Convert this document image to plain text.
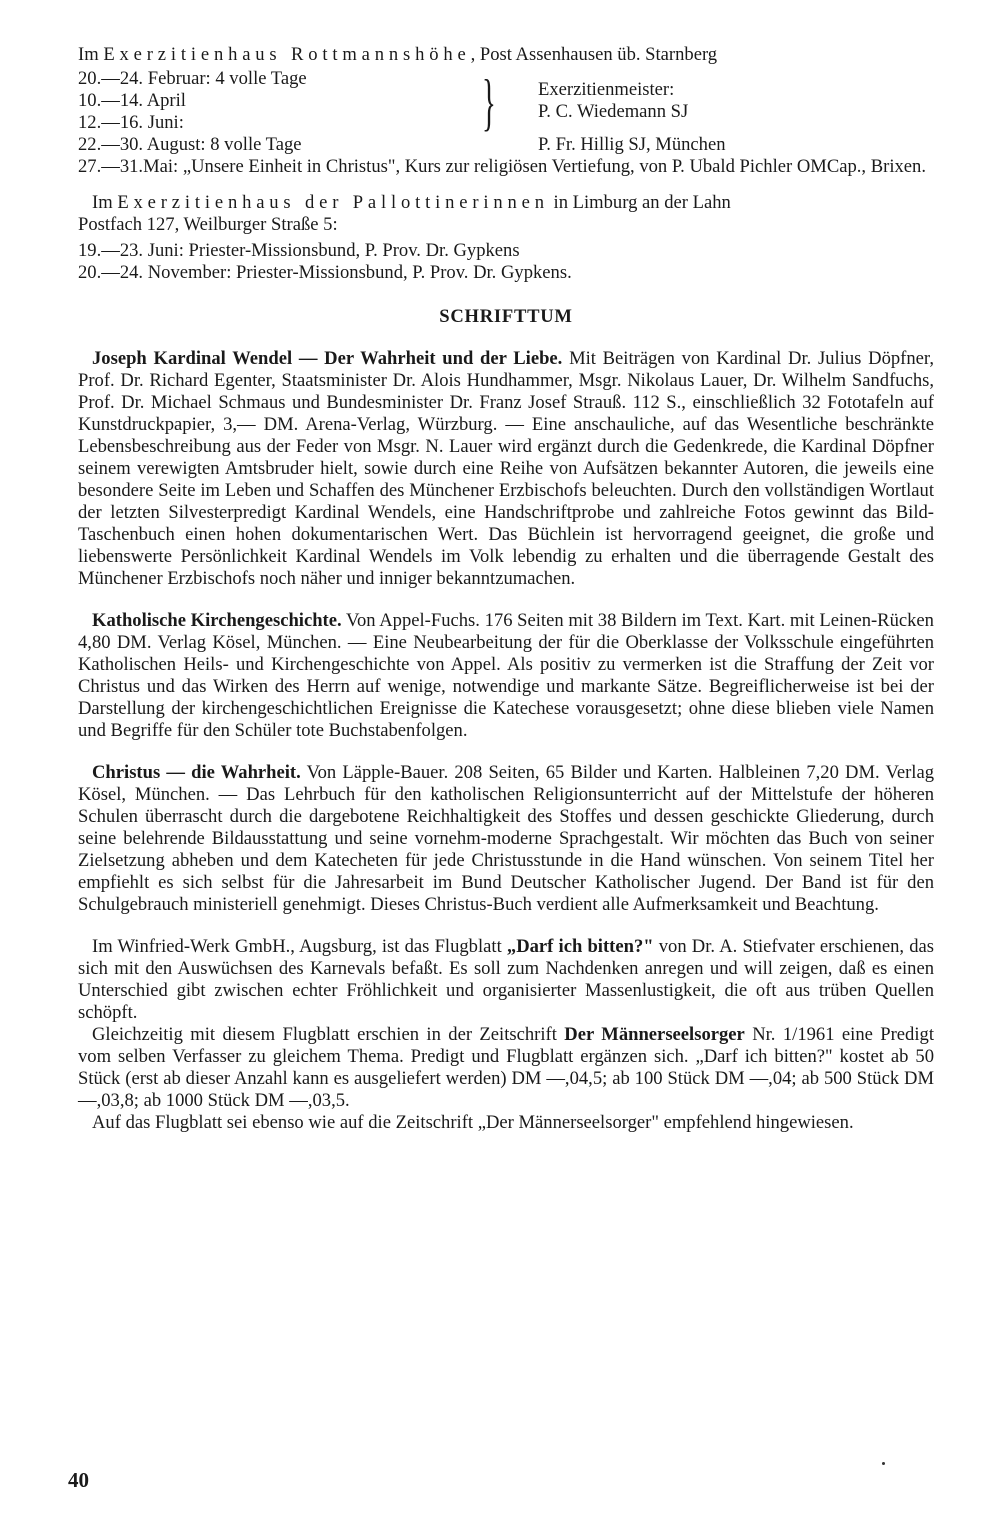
Im Exerzitienhaus Rottmannshöhe, Post Assenhausen üb. Starnberg

20.—24. Februar: 4 volle Tage
10.—14. April
12.—16. Juni:
22.—30. August: 8 volle Tage
} Exerzitienmeister:
P. C. Wiedemann SJ
P. Fr. Hillig SJ, München

27.—31.Mai: „Unsere Einheit in Christus", Kurs zur religiösen Vertiefung, von P. Ubald Pichler OMCap., Brixen.

Im Exerzitienhaus der Pallottinerinnen in Limburg an der Lahn

Postfach 127, Weilburger Straße 5:

19.—23. Juni: Priester-Missionsbund, P. Prov. Dr. Gypkens

20.—24. November: Priester-Missionsbund, P. Prov. Dr. Gypkens.

SCHRIFTTUM

Joseph Kardinal Wendel — Der Wahrheit und der Liebe. Mit Beiträgen von Kardinal Dr. Julius Döpfner, Prof. Dr. Richard Egenter, Staatsminister Dr. Alois Hundhammer, Msgr. Nikolaus Lauer, Dr. Wilhelm Sandfuchs, Prof. Dr. Michael Schmaus und Bundesminister Dr. Franz Josef Strauß. 112 S., einschließlich 32 Fototafeln auf Kunstdruckpapier, 3,— DM. Arena-Verlag, Würzburg. — Eine anschauliche, auf das Wesentliche beschränkte Lebensbeschreibung aus der Feder von Msgr. N. Lauer wird ergänzt durch die Gedenkrede, die Kardinal Döpfner seinem verewigten Amtsbruder hielt, sowie durch eine Reihe von Aufsätzen bekannter Autoren, die jeweils eine besondere Seite im Leben und Schaffen des Münchener Erzbischofs beleuchten. Durch den vollständigen Wortlaut der letzten Silvesterpredigt Kardinal Wendels, eine Handschriftprobe und zahlreiche Fotos gewinnt das Bild-Taschenbuch einen hohen dokumentarischen Wert. Das Büchlein ist hervorragend geeignet, die große und liebenswerte Persönlichkeit Kardinal Wendels im Volk lebendig zu erhalten und die überragende Gestalt des Münchener Erzbischofs noch näher und inniger bekanntzumachen.

Katholische Kirchengeschichte. Von Appel-Fuchs. 176 Seiten mit 38 Bildern im Text. Kart. mit Leinen-Rücken 4,80 DM. Verlag Kösel, München. — Eine Neubearbeitung der für die Oberklasse der Volksschule eingeführten Katholischen Heils- und Kirchengeschichte von Appel. Als positiv zu vermerken ist die Straffung der Zeit vor Christus und das Wirken des Herrn auf wenige, notwendige und markante Sätze. Begreiflicherweise ist bei der Darstellung der kirchengeschichtlichen Ereignisse die Katechese vorausgesetzt; ohne diese blieben viele Namen und Begriffe für den Schüler tote Buchstabenfolgen.

Christus — die Wahrheit. Von Läpple-Bauer. 208 Seiten, 65 Bilder und Karten. Halbleinen 7,20 DM. Verlag Kösel, München. — Das Lehrbuch für den katholischen Religionsunterricht auf der Mittelstufe der höheren Schulen überrascht durch die dargebotene Reichhaltigkeit des Stoffes und dessen geschickte Gliederung, durch seine belehrende Bildausstattung und seine vornehm-moderne Sprachgestalt. Wir möchten das Buch von seiner Zielsetzung abheben und dem Katecheten für jede Christusstunde in die Hand wünschen. Von seinem Titel her empfiehlt es sich selbst für die Jahresarbeit im Bund Deutscher Katholischer Jugend. Der Band ist für den Schulgebrauch ministeriell genehmigt. Dieses Christus-Buch verdient alle Aufmerksamkeit und Beachtung.

Im Winfried-Werk GmbH., Augsburg, ist das Flugblatt „Darf ich bitten?" von Dr. A. Stiefvater erschienen, das sich mit den Auswüchsen des Karnevals befaßt. Es soll zum Nachdenken anregen und will zeigen, daß es einen Unterschied gibt zwischen echter Fröhlichkeit und organisierter Massenlustigkeit, die oft aus trüben Quellen schöpft.

Gleichzeitig mit diesem Flugblatt erschien in der Zeitschrift Der Männerseelsorger Nr. 1/1961 eine Predigt vom selben Verfasser zu gleichem Thema. Predigt und Flugblatt ergänzen sich. „Darf ich bitten?" kostet ab 50 Stück (erst ab dieser Anzahl kann es ausgeliefert werden) DM —,04,5; ab 100 Stück DM —,04; ab 500 Stück DM —,03,8; ab 1000 Stück DM —,03,5.

Auf das Flugblatt sei ebenso wie auf die Zeitschrift „Der Männerseelsorger" empfehlend hingewiesen.

40
